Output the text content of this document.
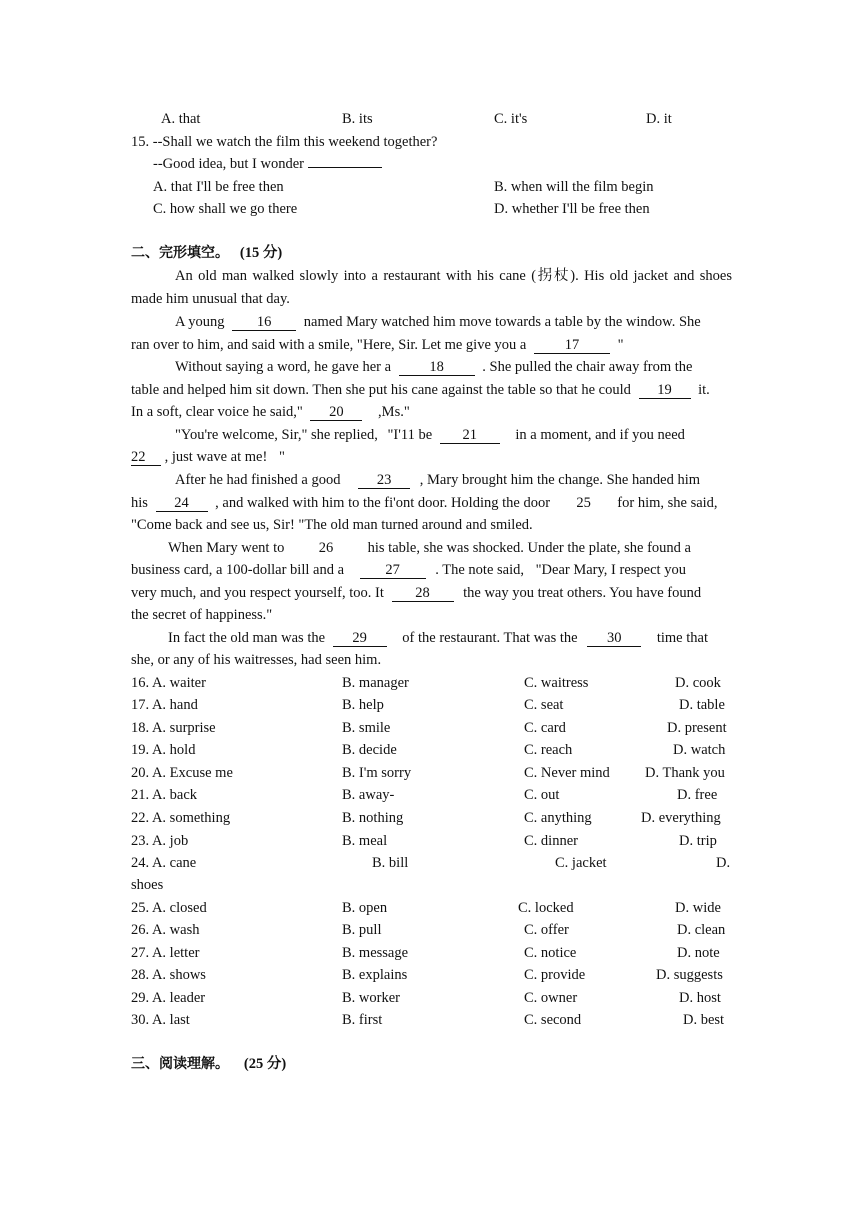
A. that	B. its	C. it's	D. it
15. --Shall we watch the film this weekend together?
--Good idea, but I wonder
A. that I'll be free then	B. when will the film begin
C. how shall we go there	D. whether I'll be free then
二、完形填空。 (15 分)
An old man walked slowly into a restaurant with his cane (拐杖). His old jacket and shoes
made him unusual that day.
A young 16 named Mary watched him move towards a table by the window. She
ran over to him, and said with a smile, "Here, Sir. Let me give you a	17	"
Without saying a word, he gave her a	18	. She pulled the chair away from the
table and helped him sit down. Then she put his cane against the table so that he could 19 it.
In a soft, clear voice he said," 20 ,Ms."
"You're welcome, Sir," she replied, "I'11 be 21	in a moment, and if you need
22 , just wave at me! "
After he had finished a good	23 , Mary brought him the change. She handed him
his 24 , and walked with him to the fi'ont door. Holding the door 25 for him, she said,
"Come back and see us, Sir! "The old man turned around and smiled.
When Mary went to 26 his table, she was shocked. Under the plate, she found a
business card, a 100-dollar bill and a	27 . The note said, "Dear Mary, I respect you
very much, and you respect yourself, too. It 28 the way you treat others. You have found
the secret of happiness."
In fact the old man was the 29 of the restaurant. That was the 30 time that
she, or any of his waitresses, had seen him.
16. A. waiter	B. manager	C. waitress	D. cook
17. A. hand	B. help	C. seat	D. table
18. A. surprise	B. smile	C. card	D. present
19. A. hold	B. decide	C. reach	D. watch
20. A. Excuse me	B. I'm sorry	C. Never mind D. Thank you
21. A. back	B. away-	C. out	D. free
22. A. something	B. nothing	C. anything	D. everything
23. A. job	B. meal	C. dinner	D. trip
24. A. cane	B. bill	C. jacket	D.
shoes
25. A. closed	B. open	C. locked	D. wide
26. A. wash	B. pull	C. offer	D. clean
27. A. letter	B. message	C. notice	D. note
28. A. shows	B. explains	C. provide	D. suggests
29. A. leader	B. worker	C. owner	D. host
30. A. last	B. first	C. second	D. best
三、阅读理解。 (25 分)
